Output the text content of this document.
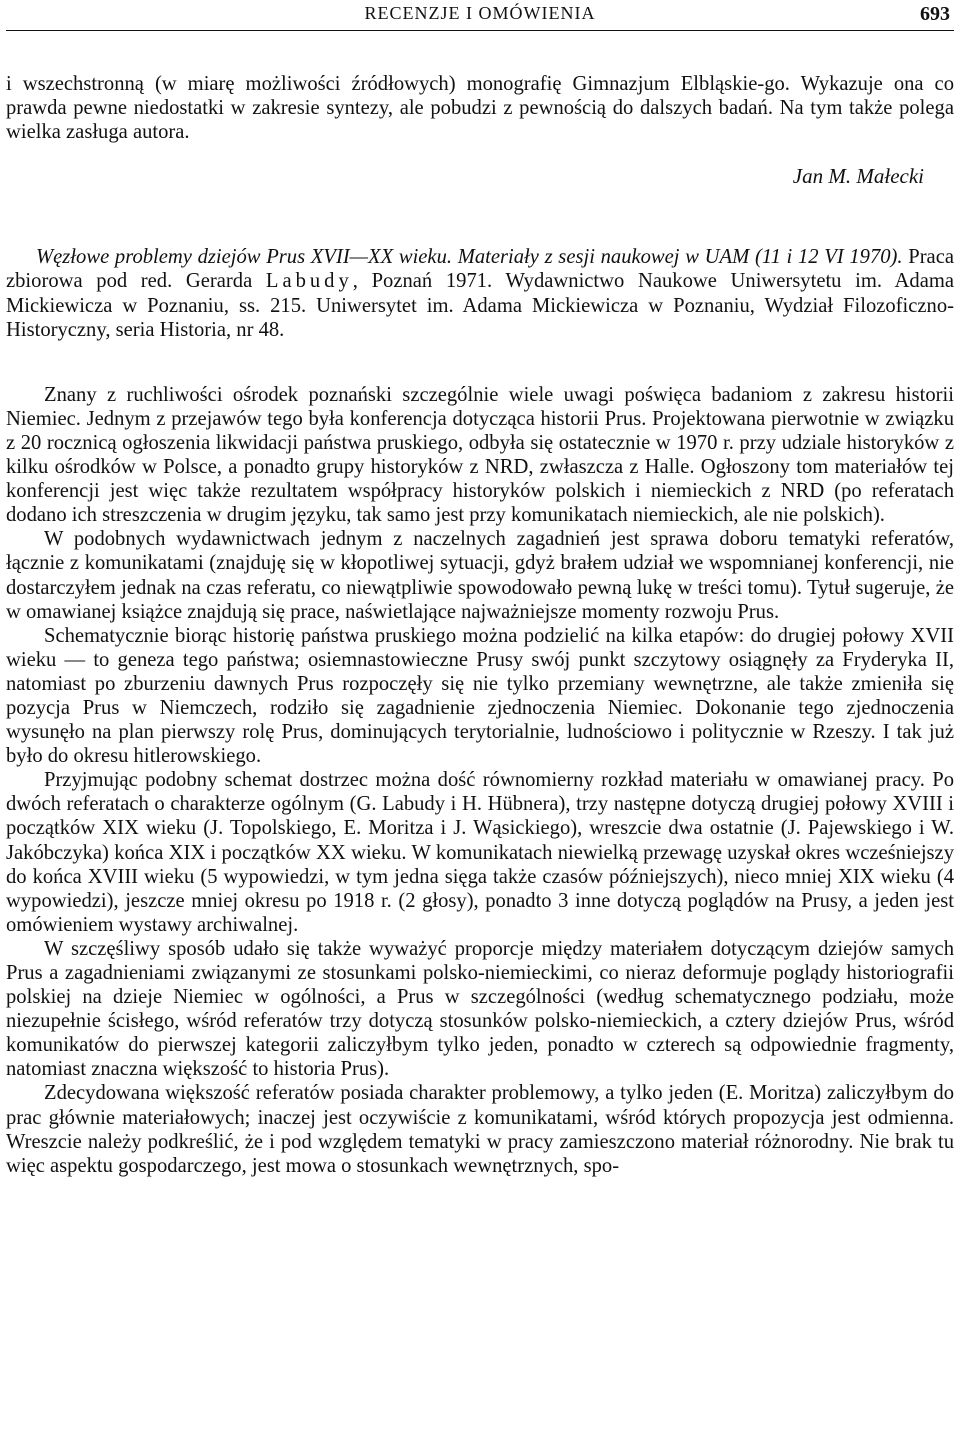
RECENZJE I OMÓWIENIA	693

i wszechstronną (w miarę możliwości źródłowych) monografię Gimnazjum Elbląskie-go. Wykazuje ona co prawda pewne niedostatki w zakresie syntezy, ale pobudzi z pewnością do dalszych badań. Na tym także polega wielka zasługa autora.

Jan M. Małecki

Węzłowe problemy dziejów Prus XVII—XX wieku. Materiały z sesji naukowej w UAM (11 i 12 VI 1970). Praca zbiorowa pod red. Gerarda Labudy, Poznań 1971. Wydawnictwo Naukowe Uniwersytetu im. Adama Mickiewicza w Poznaniu, ss. 215. Uniwersytet im. Adama Mickiewicza w Poznaniu, Wydział Filozoficzno-Historyczny, seria Historia, nr 48.

Znany z ruchliwości ośrodek poznański szczególnie wiele uwagi poświęca badaniom z zakresu historii Niemiec. Jednym z przejawów tego była konferencja dotycząca historii Prus. Projektowana pierwotnie w związku z 20 rocznicą ogłoszenia likwidacji państwa pruskiego, odbyła się ostatecznie w 1970 r. przy udziale historyków z kilku ośrodków w Polsce, a ponadto grupy historyków z NRD, zwłaszcza z Halle. Ogłoszony tom materiałów tej konferencji jest więc także rezultatem współpracy historyków polskich i niemieckich z NRD (po referatach dodano ich streszczenia w drugim języku, tak samo jest przy komunikatach niemieckich, ale nie polskich).

W podobnych wydawnictwach jednym z naczelnych zagadnień jest sprawa doboru tematyki referatów, łącznie z komunikatami (znajduję się w kłopotliwej sytuacji, gdyż brałem udział we wspomnianej konferencji, nie dostarczyłem jednak na czas referatu, co niewątpliwie spowodowało pewną lukę w treści tomu). Tytuł sugeruje, że w omawianej książce znajdują się prace, naświetlające najważniejsze momenty rozwoju Prus.

Schematycznie biorąc historię państwa pruskiego można podzielić na kilka etapów: do drugiej połowy XVII wieku — to geneza tego państwa; osiemnastowieczne Prusy swój punkt szczytowy osiągnęły za Fryderyka II, natomiast po zburzeniu dawnych Prus rozpoczęły się nie tylko przemiany wewnętrzne, ale także zmieniła się pozycja Prus w Niemczech, rodziło się zagadnienie zjednoczenia Niemiec. Dokonanie tego zjednoczenia wysunęło na plan pierwszy rolę Prus, dominujących terytorialnie, ludnościowo i politycznie w Rzeszy. I tak już było do okresu hitlerowskiego.

Przyjmując podobny schemat dostrzec można dość równomierny rozkład materiału w omawianej pracy. Po dwóch referatach o charakterze ogólnym (G. Labudy i H. Hübnera), trzy następne dotyczą drugiej połowy XVIII i początków XIX wieku (J. Topolskiego, E. Moritza i J. Wąsickiego), wreszcie dwa ostatnie (J. Pajewskiego i W. Jakóbczyka) końca XIX i początków XX wieku. W komunikatach niewielką przewagę uzyskał okres wcześniejszy do końca XVIII wieku (5 wypowiedzi, w tym jedna sięga także czasów późniejszych), nieco mniej XIX wieku (4 wypowiedzi), jeszcze mniej okresu po 1918 r. (2 głosy), ponadto 3 inne dotyczą poglądów na Prusy, a jeden jest omówieniem wystawy archiwalnej.

W szczęśliwy sposób udało się także wyważyć proporcje między materiałem dotyczącym dziejów samych Prus a zagadnieniami związanymi ze stosunkami polsko-niemieckimi, co nieraz deformuje poglądy historiografii polskiej na dzieje Niemiec w ogólności, a Prus w szczególności (według schematycznego podziału, może niezupełnie ścisłego, wśród referatów trzy dotyczą stosunków polsko-niemieckich, a cztery dziejów Prus, wśród komunikatów do pierwszej kategorii zaliczyłbym tylko jeden, ponadto w czterech są odpowiednie fragmenty, natomiast znaczna większość to historia Prus).

Zdecydowana większość referatów posiada charakter problemowy, a tylko jeden (E. Moritza) zaliczyłbym do prac głównie materiałowych; inaczej jest oczywiście z komunikatami, wśród których propozycja jest odmienna. Wreszcie należy podkreślić, że i pod względem tematyki w pracy zamieszczono materiał różnorodny. Nie brak tu więc aspektu gospodarczego, jest mowa o stosunkach wewnętrznych, spo-
